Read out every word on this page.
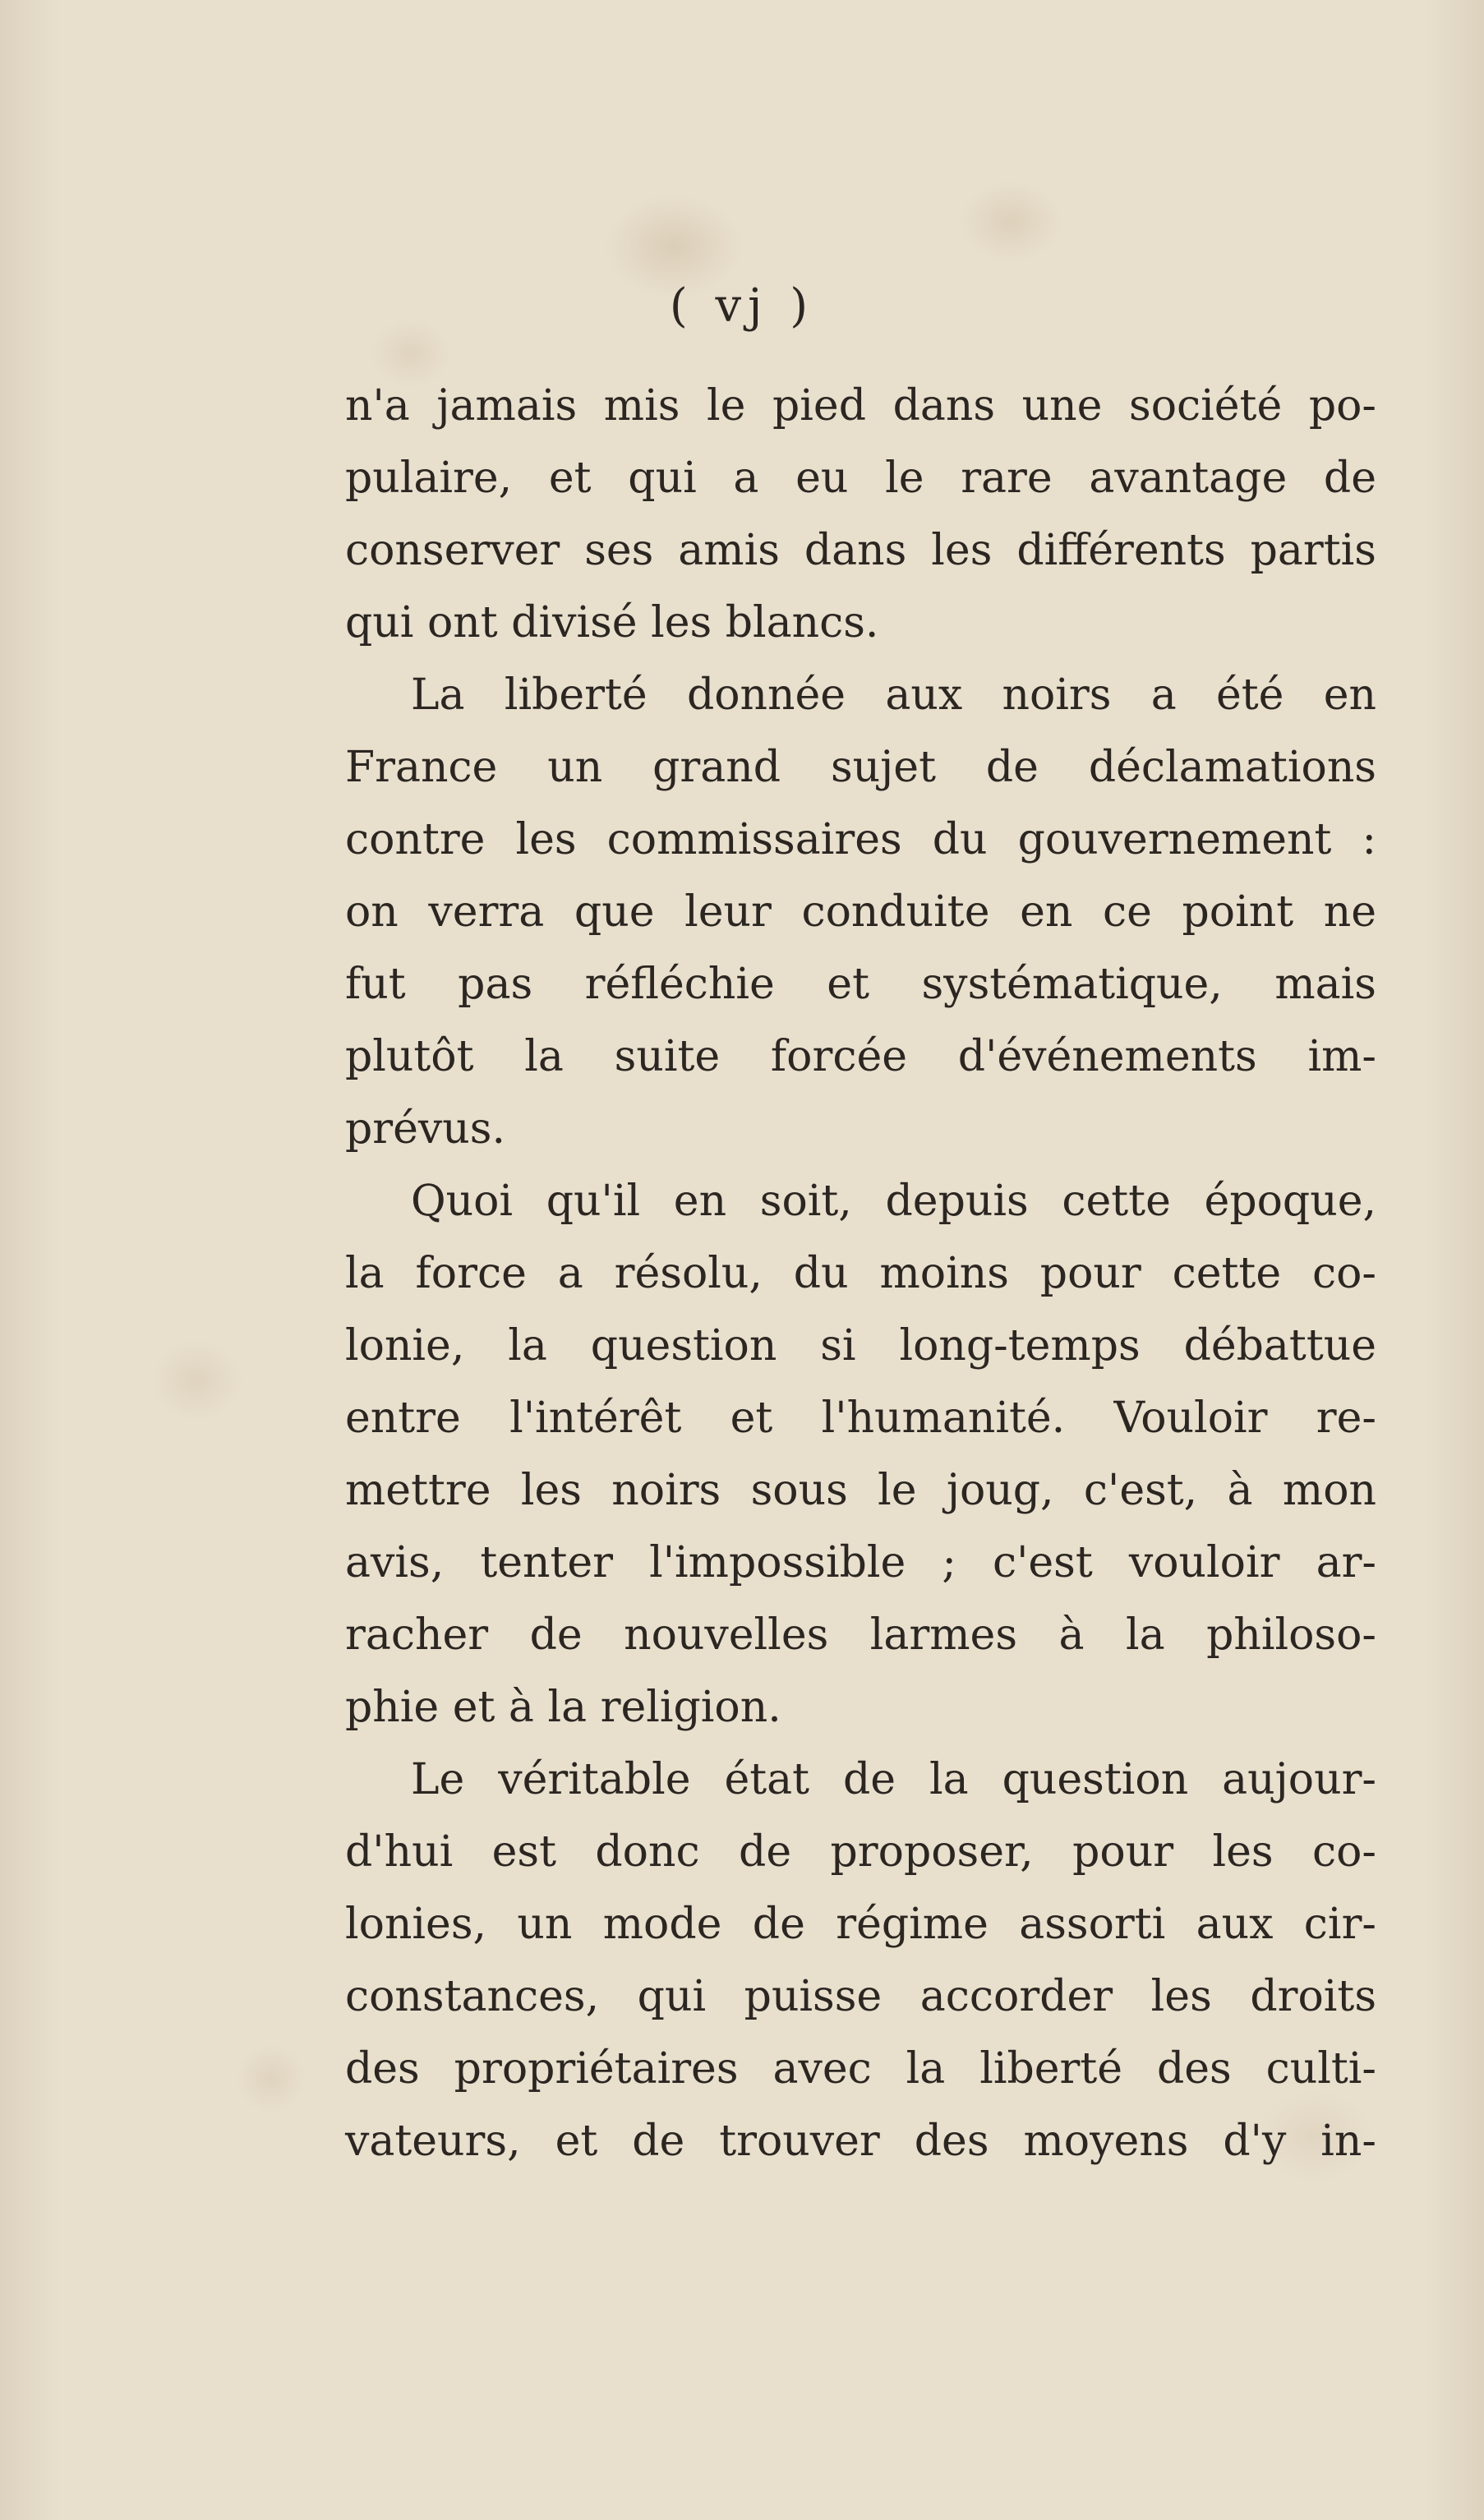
( vj )
n'a jamais mis le pied dans une société po-
pulaire, et qui a eu le rare avantage de
conserver ses amis dans les différents partis
qui ont divisé les blancs.
La liberté donnée aux noirs a été en
France un grand sujet de déclamations
contre les commissaires du gouvernement :
on verra que leur conduite en ce point ne
fut pas réfléchie et systématique, mais
plutôt la suite forcée d'événements im-
prévus.
Quoi qu'il en soit, depuis cette époque,
la force a résolu, du moins pour cette co-
lonie, la question si long-temps débattue
entre l'intérêt et l'humanité. Vouloir re-
mettre les noirs sous le joug, c'est, à mon
avis, tenter l'impossible ; c'est vouloir ar-
racher de nouvelles larmes à la philoso-
phie et à la religion.
Le véritable état de la question aujour-
d'hui est donc de proposer, pour les co-
lonies, un mode de régime assorti aux cir-
constances, qui puisse accorder les droits
des propriétaires avec la liberté des culti-
vateurs, et de trouver des moyens d'y in-
